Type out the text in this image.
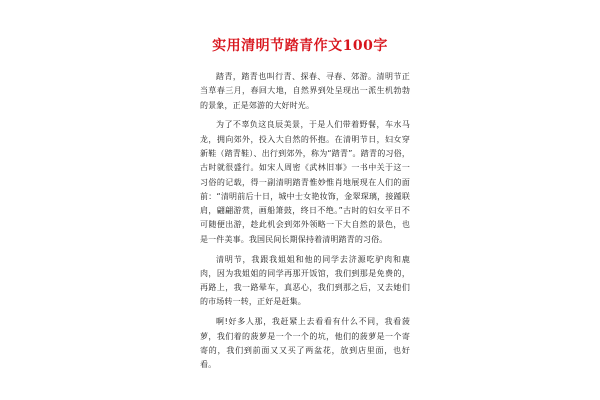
实用清明节踏青作文100字

踏青，踏青也叫行青、探春、寻春、郊游。清明节正当草春三月，春回大地，自然界到处呈现出一派生机勃勃的景象，正是郊游的大好时光。

为了不辜负这良辰美景，于是人们带着野餐，车水马龙，拥向郊外，投入大自然的怀抱。在清明节日，妇女穿新鞋（踏青鞋）、出行到郊外，称为“踏青”。踏青的习俗，古时就很盛行。如宋人周密《武林旧事》一书中关于这一习俗的记载，得一副清明踏青惟妙惟肖地展现在人们的面前：“清明前后十日，城中士女艳妆饰，金翠琛璃，接踵联肩，翩翩游赏，画船箫鼓，终日不绝。”古时的妇女平日不可随便出游，趁此机会到郊外领略一下大自然的景色，也是一件美事。我国民间长期保持着清明踏青的习俗。

清明节，我跟我姐姐和他的同学去济源吃驴肉和鹿肉，因为我姐姐的同学再那开饭馆，我们到那是免费的，再路上，我一路晕车，真恶心，我们到那之后，又去她们的市场转一转，正好是赶集。

啊!好多人那，我赶紧上去看看有什么不同，我看菠萝，我们着的菠萝是一个一个的坑，他们的菠萝是一个寄寄的，我们到前面又又买了两盆花，放到店里面，也好看。
